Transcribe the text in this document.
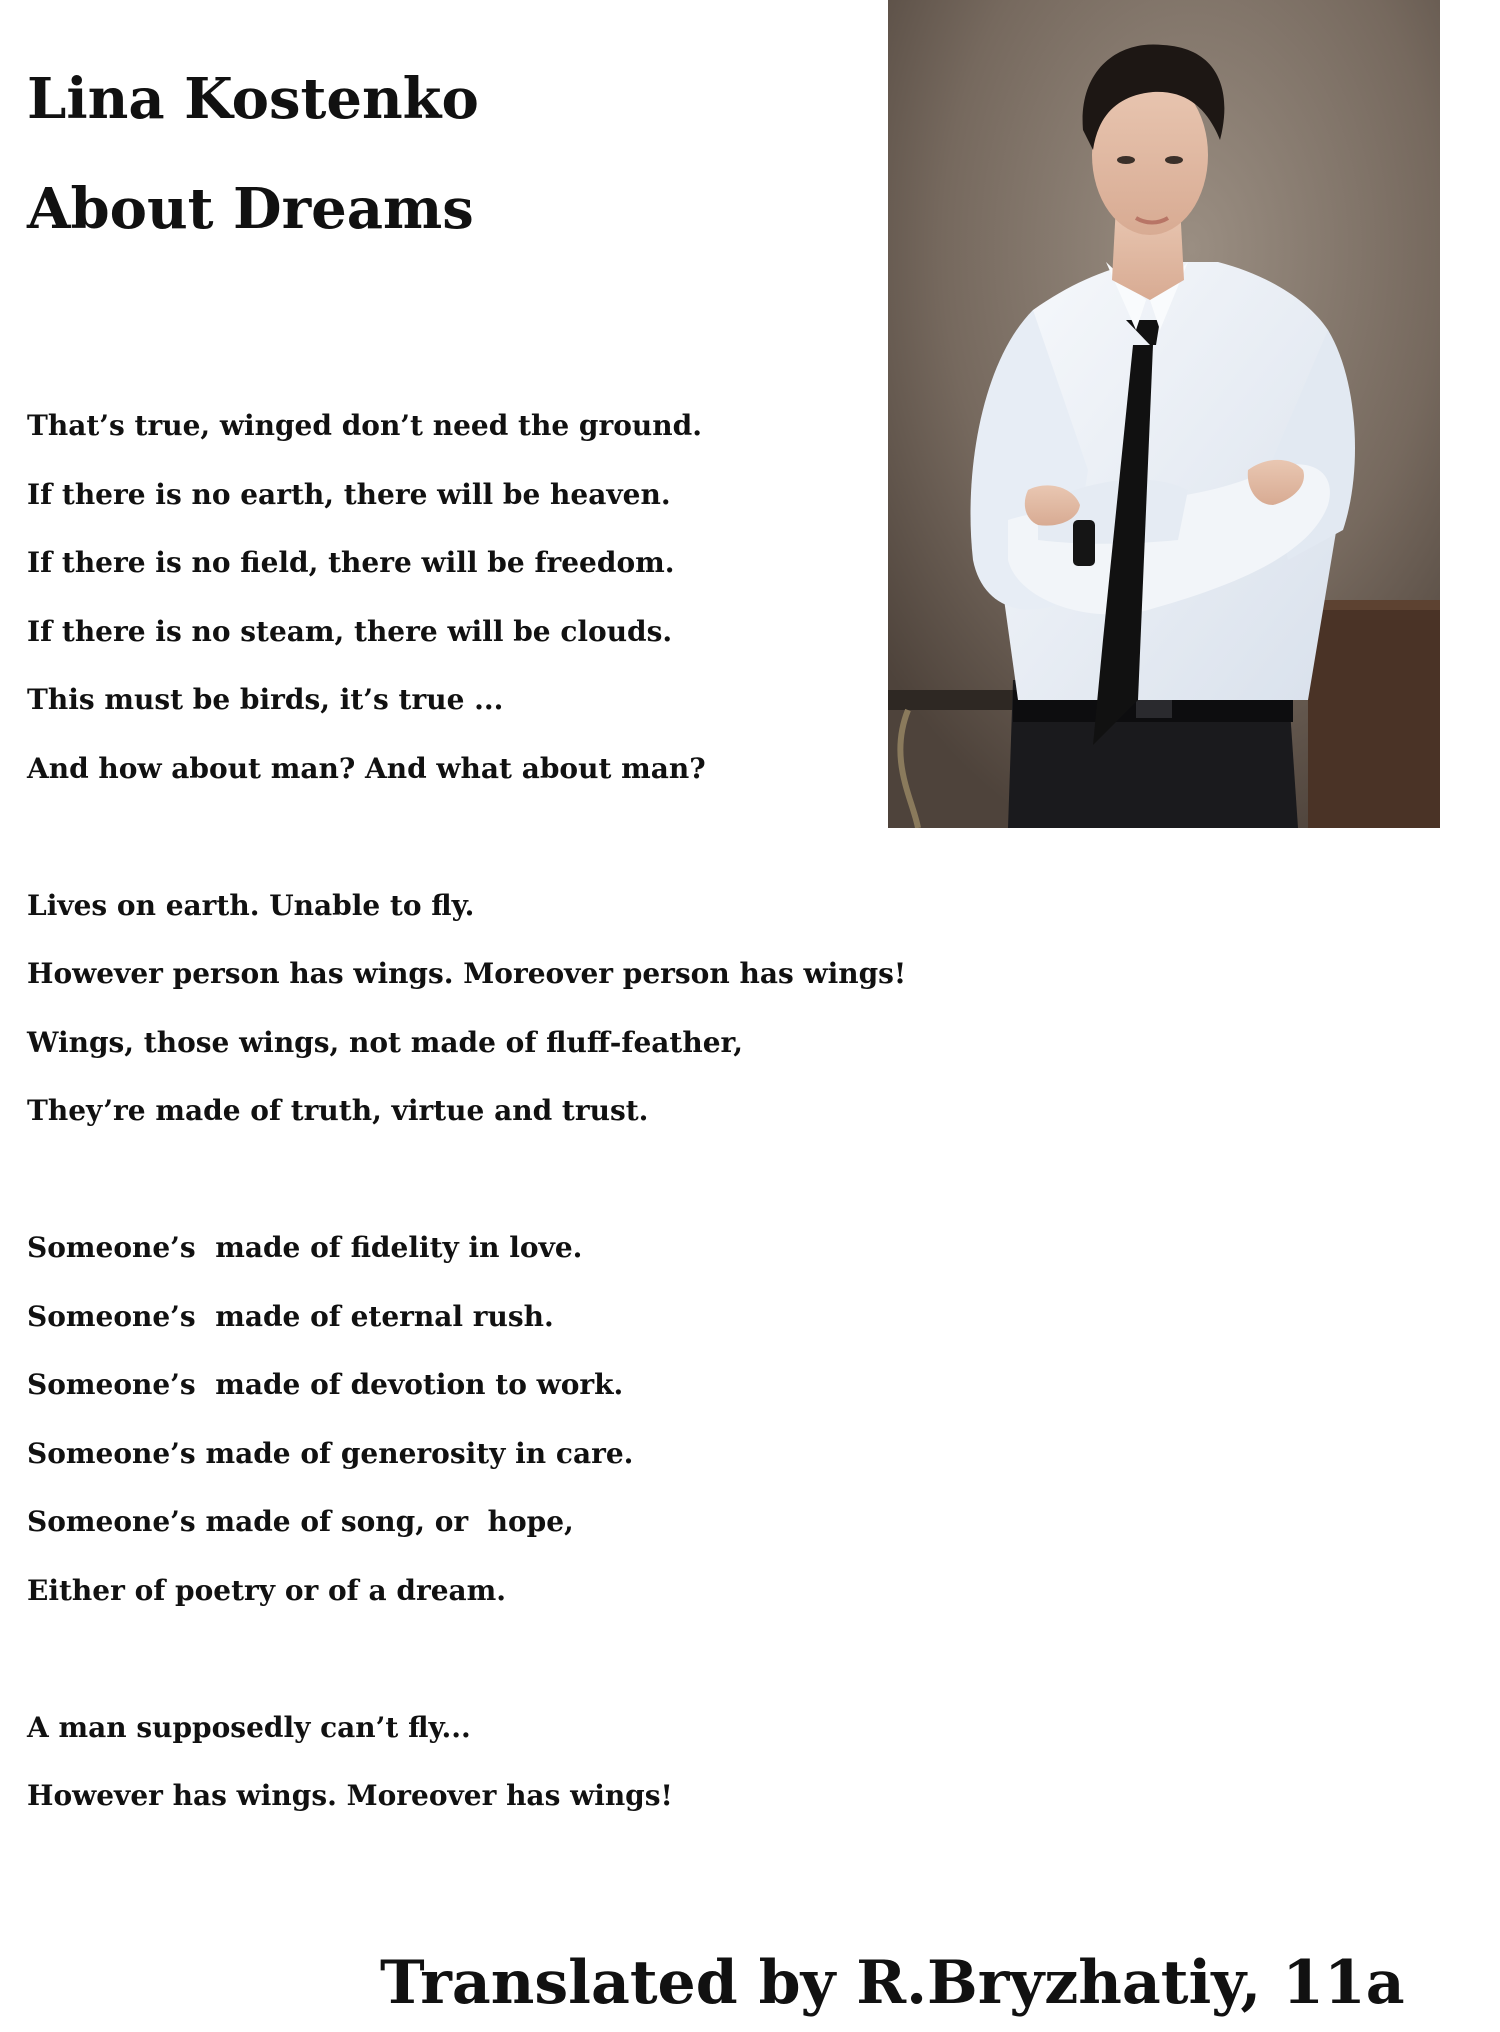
Lina Kostenko
About Dreams
That’s true, winged don’t need the ground.
If there is no earth, there will be heaven.
If there is no field, there will be freedom.
If there is no steam, there will be clouds.
This must be birds, it’s true ...
And how about man? And what about man?
Lives on earth. Unable to fly.
However person has wings. Moreover person has wings!
Wings, those wings, not made of fluff-feather,
They’re made of truth, virtue and trust.
Someone’s  made of fidelity in love.
Someone’s  made of eternal rush.
Someone’s  made of devotion to work.
Someone’s made of generosity in care.
Someone’s made of song, or  hope,
Either of poetry or of a dream.
A man supposedly can’t fly...
However has wings. Moreover has wings!
Translated by R.Bryzhatiy, 11a
